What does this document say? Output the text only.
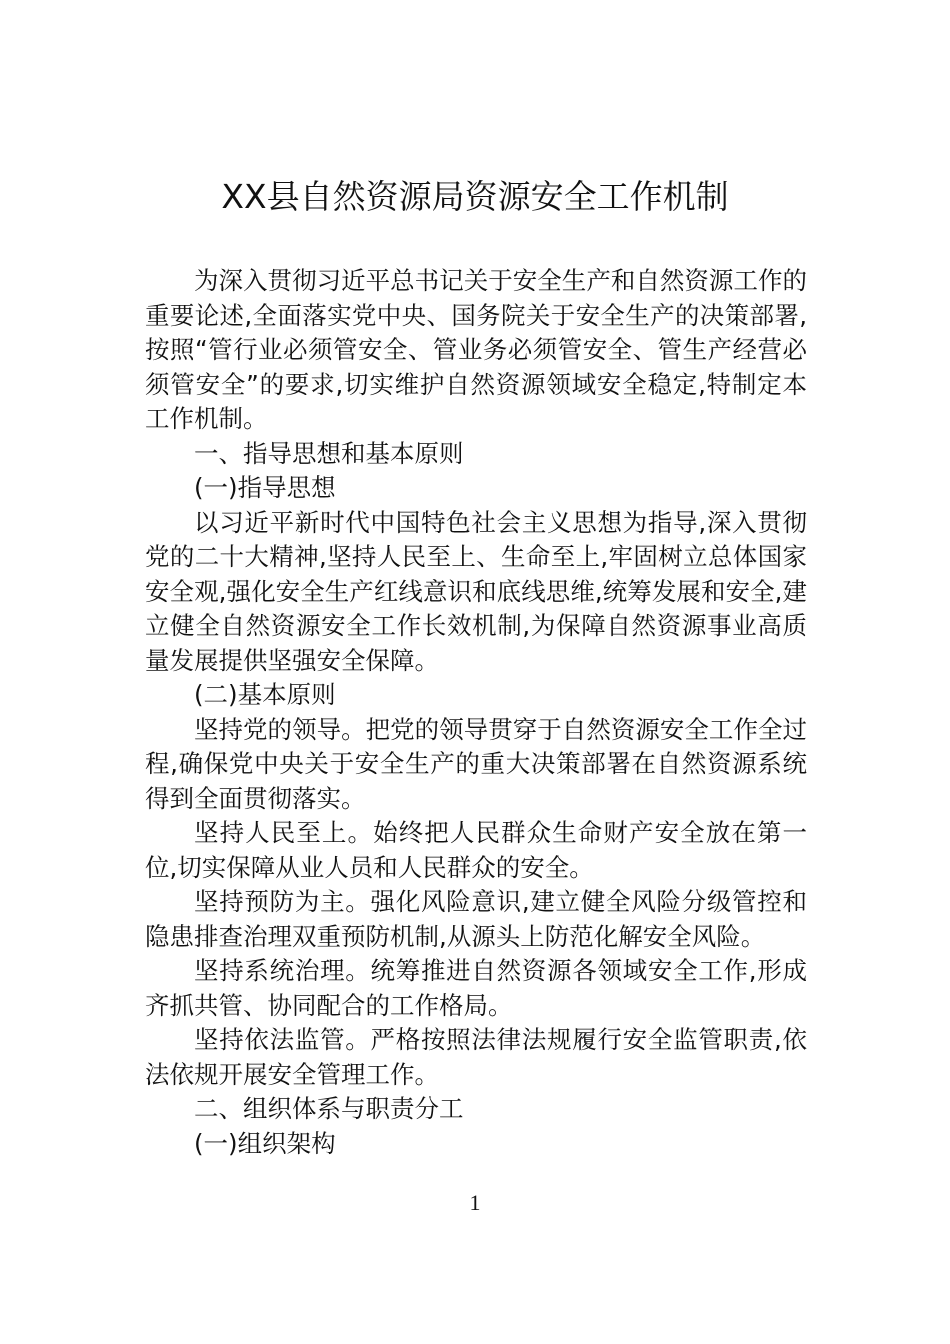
XX县自然资源局资源安全工作机制

为深入贯彻习近平总书记关于安全生产和自然资源工作的重要论述,全面落实党中央、国务院关于安全生产的决策部署,按照“管行业必须管安全、管业务必须管安全、管生产经营必须管安全”的要求,切实维护自然资源领域安全稳定,特制定本工作机制。

一、指导思想和基本原则

(一)指导思想

以习近平新时代中国特色社会主义思想为指导,深入贯彻党的二十大精神,坚持人民至上、生命至上,牢固树立总体国家安全观,强化安全生产红线意识和底线思维,统筹发展和安全,建立健全自然资源安全工作长效机制,为保障自然资源事业高质量发展提供坚强安全保障。

(二)基本原则

坚持党的领导。把党的领导贯穿于自然资源安全工作全过程,确保党中央关于安全生产的重大决策部署在自然资源系统得到全面贯彻落实。

坚持人民至上。始终把人民群众生命财产安全放在第一位,切实保障从业人员和人民群众的安全。

坚持预防为主。强化风险意识,建立健全风险分级管控和隐患排查治理双重预防机制,从源头上防范化解安全风险。

坚持系统治理。统筹推进自然资源各领域安全工作,形成齐抓共管、协同配合的工作格局。

坚持依法监管。严格按照法律法规履行安全监管职责,依法依规开展安全管理工作。

二、组织体系与职责分工

(一)组织架构

1
